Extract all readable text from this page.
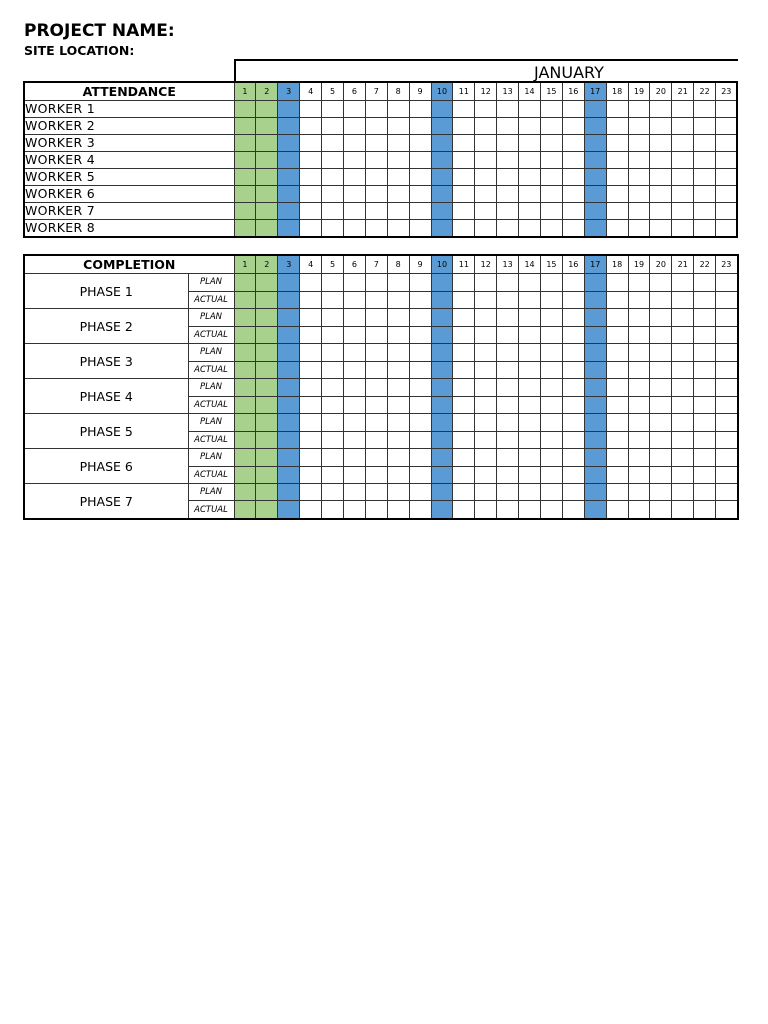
PROJECT NAME:
SITE LOCATION:
JANUARY
ATTENDANCE	1	2	3	4	5	6	7	8	9	10	11	12	13	14	15	16	17	18	19	20	21	22	23
WORKER 1																							
WORKER 2																							
WORKER 3																							
WORKER 4																							
WORKER 5																							
WORKER 6																							
WORKER 7																							
WORKER 8																							
COMPLETION		1	2	3	4	5	6	7	8	9	10	11	12	13	14	15	16	17	18	19	20	21	22	23
PHASE 1	PLAN																							
	ACTUAL																							
PHASE 2	PLAN																							
	ACTUAL																							
PHASE 3	PLAN																							
	ACTUAL																							
PHASE 4	PLAN																							
	ACTUAL																							
PHASE 5	PLAN																							
	ACTUAL																							
PHASE 6	PLAN																							
	ACTUAL																							
PHASE 7	PLAN																							
	ACTUAL																							
